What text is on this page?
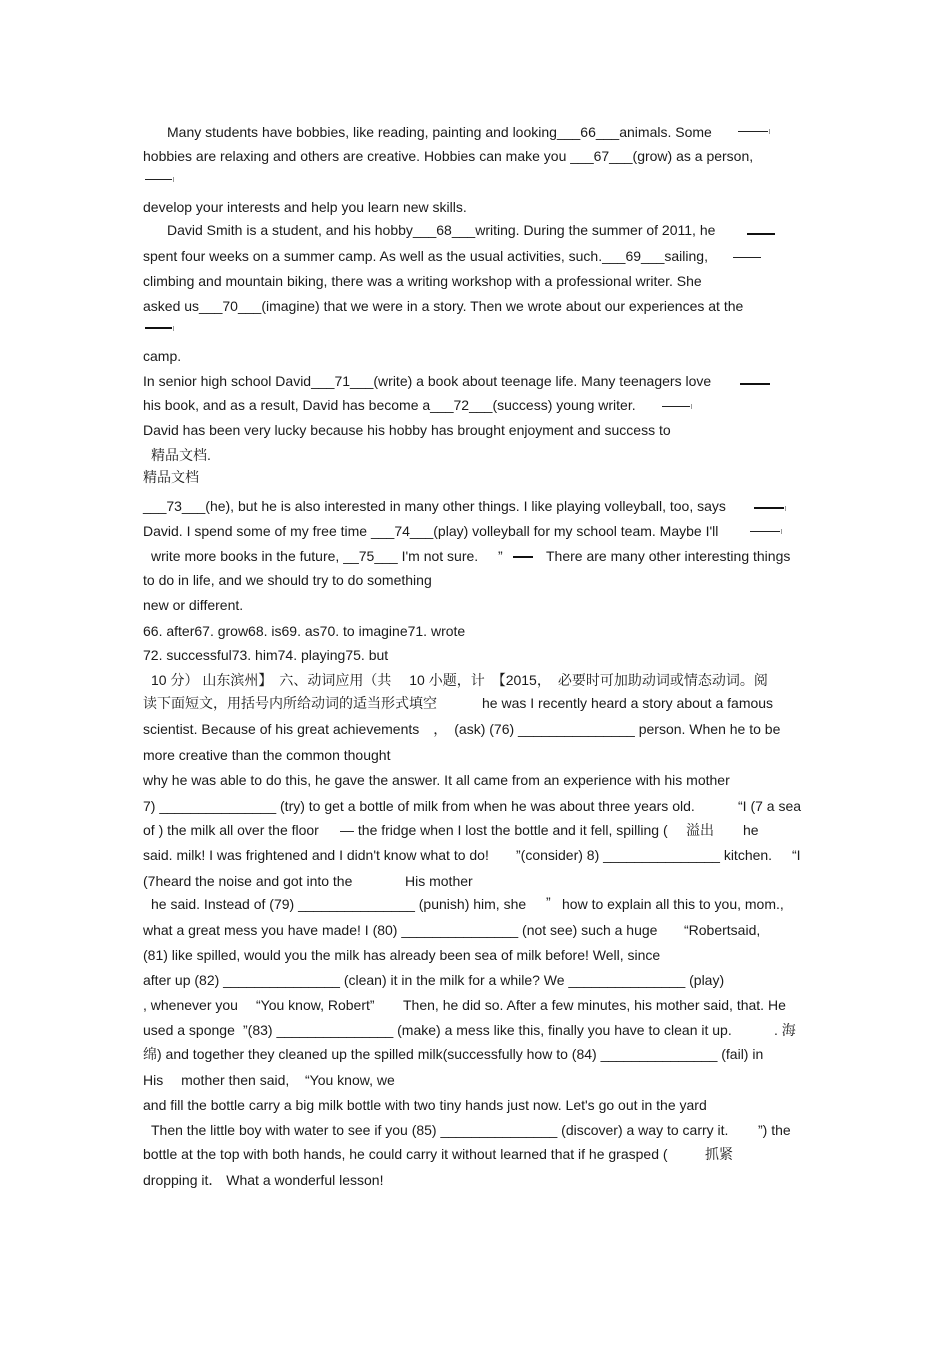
Many students have bobbies, like reading, painting and looking___66___animals. Some
hobbies are relaxing and others are creative. Hobbies can make you ___67___(grow) as a person,
develop your interests and help you learn new skills.
David Smith is a student, and his hobby___68___writing. During the summer of 2011, he
spent four weeks on a summer camp. As well as the usual activities, such.___69___sailing,
climbing and mountain biking, there was a writing workshop with a professional writer. She
asked us___70___(imagine) that we were in a story. Then we wrote about our experiences at the
camp.
In senior high school David___71___(write) a book about teenage life. Many teenagers love
his book, and as a result, David has become a___72___(success) young writer.
David has been very lucky because his hobby has brought enjoyment and success to
精品文档.
精品文档
___73___(he), but he is also interested in many other things. I like playing volleyball, too, says
David. I spend some of my free time ___74___(play) volleyball for my school team. Maybe I'll
write more books in the future, __75___ I'm not sure. ”	There are many other interesting things
to do in life, and we should try to do something
new or different.
66. after67. grow68. is69. as70. to imagine71. wrote
72. successful73. him74. playing75. but
10 分） 山东滨州】　六、动词应用（共　 10 小题，计　【2015，　必要时可加助动词或情态动词。阅
读下面短文，用括号内所给动词的适当形式填空	he was I recently heard a story about a famous
scientist. Because of his great achievements　，　(ask) (76) _______________ person. When he to be
more creative than the common thought
why he was able to do this, he gave the answer. It all came from an experience with his mother
7) _______________ (try) to get a bottle of milk from when he was about three years old.	“I (7 a sea
of ) the milk all over the floor — the fridge when I lost the bottle and it fell, spilling ( 溢出 he
said. milk! I was frightened and I didn't know what to do! ”(consider) 8) _______________ kitchen. “I
(7heard the noise and got into the	His mother
he said. Instead of (79) _______________ (punish) him, she ” how to explain all this to you, mom.,
what a great mess you have made! I (80) _______________ (not see) such a huge “Robertsaid,
(81) like spilled, would you the milk has already been sea of milk before! Well, since
after up (82) _______________ (clean) it in the milk for a while? We _______________ (play)
, whenever you “You know, Robert” Then, he did so. After a few minutes, his mother said, that. He
used a sponge ”(83) _______________ (make) a mess like this, finally you have to clean it up.	. 海
绵) and together they cleaned up the spilled milk(successfully how to (84) _______________ (fail) in
His　 mother then said, “You know, we
and fill the bottle carry a big milk bottle with two tiny hands just now. Let's go out in the yard
Then the little boy with water to see if you (85) _______________ (discover) a way to carry it. ”) the
bottle at the top with both hands, he could carry it without learned that if he grasped (	抓紧
dropping it． What a wonderful lesson!
